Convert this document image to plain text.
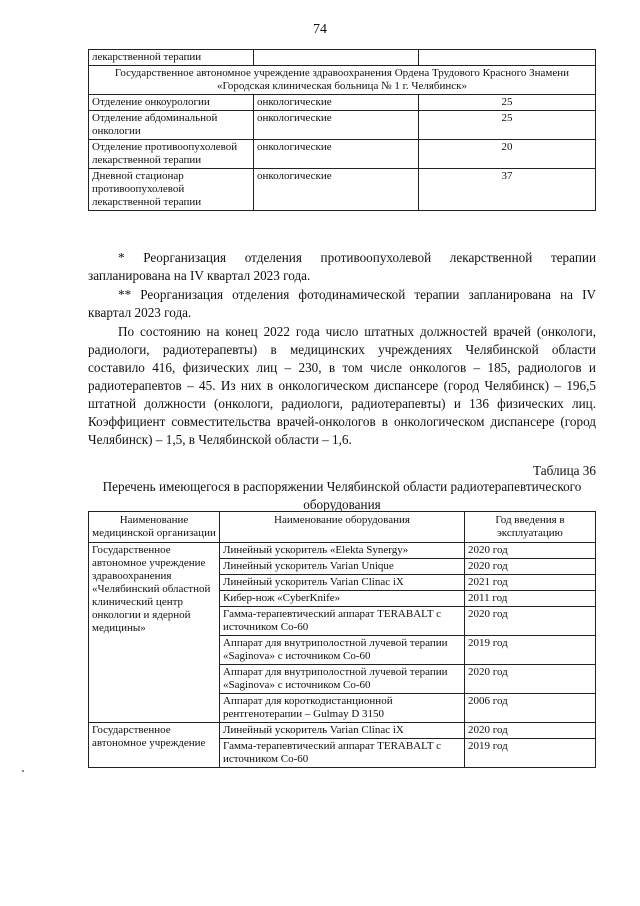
74
лекарственной терапии		
Государственное автономное учреждение здравоохранения Ордена Трудового Красного Знамени «Городская клиническая больница № 1 г. Челябинск»		
Отделение онкоурологии	онкологические	25
Отделение абдоминальной онкологии	онкологические	25
Отделение противоопухолевой лекарственной терапии	онкологические	20
Дневной стационар противоопухолевой лекарственной терапии	онкологические	37

* Реорганизация отделения противоопухолевой лекарственной терапии запланирована на IV квартал 2023 года.

** Реорганизация отделения фотодинамической терапии запланирована на IV квартал 2023 года.

По состоянию на конец 2022 года число штатных должностей врачей (онкологи, радиологи, радиотерапевты) в медицинских учреждениях Челябинской области составило 416, физических лиц – 230, в том числе онкологов – 185, радиологов и радиотерапевтов – 45. Из них в онкологическом диспансере (город Челябинск) – 196,5 штатной должности (онкологи, радиологи, радиотерапевты) и 136 физических лиц. Коэффициент совместительства врачей-онкологов в онкологическом диспансере (город Челябинск) – 1,5, в Челябинской области – 1,6.

Таблица 36
Перечень имеющегося в распоряжении Челябинской области радиотерапевтического оборудования
Наименование медицинской организации	Наименование оборудования	Год введения в эксплуатацию
Государственное автономное учреждение здравоохранения «Челябинский областной клинический центр онкологии и ядерной медицины»	Линейный ускоритель «Elekta Synergy»	2020 год
	Линейный ускоритель Varian Unique	2020 год
	Линейный ускоритель Varian Clinac iX	2021 год
	Кибер-нож «CyberKnife»	2011 год
	Гамма-терапевтический аппарат TERABALT с источником Co-60	2020 год
	Аппарат для внутриполостной лучевой терапии «Saginova» с источником Co-60	2019 год
	Аппарат для внутриполостной лучевой терапии «Saginova» с источником Co-60	2020 год
	Аппарат для короткодистанционной рентгенотерапии – Gulmay D 3150	2006 год
Государственное автономное учреждение	Линейный ускоритель Varian Clinac iX	2020 год
	Гамма-терапевтический аппарат TERABALT с источником Co-60	2019 год
